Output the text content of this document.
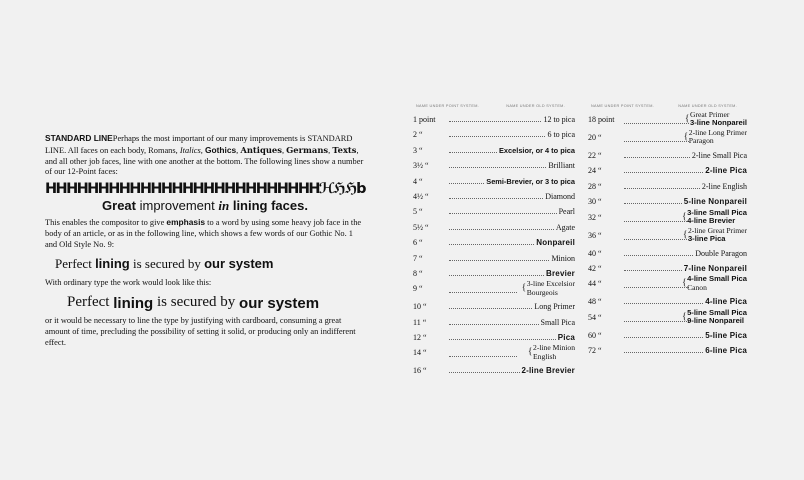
STANDARD LINEPerhaps the most important of our many improvements is STANDARD LINE. All faces on each body, Romans, Italics, Gothics, Antiques, Germans, Texts, and all other job faces, line with one another at the bottom. The following lines show a number of our 12-Point faces:

HHHHHHHHHHHHHHHHHHHHHHHHHHℋℌℌb
Great improvement in lining faces.

This enables the compositor to give emphasis to a word by using some heavy job face in the body of an article, or as in the following line, which shows a few words of our Gothic No. 1 and Old Style No. 9:

Perfect lining is secured by our system

With ordinary type the work would look like this:

Perfect lining is secured by our system

or it would be necessary to line the type by justifying with cardboard, consuming a great amount of time, precluding the possibility of setting it solid, or producing only an indifferent effect.

NAME UNDER POINT SYSTEM.	NAME UNDER OLD SYSTEM.
1 point	12 to pica
2 “	6 to pica
3 “	Excelsior, or 4 to pica
3½ “	Brilliant
4 “	Semi-Brevier, or 3 to pica
4½ “	Diamond
5 “	Pearl
5½ “	Agate
6 “	Nonpareil
7 “	Minion
8 “	Brevier
9 “	{ 3-line Excelsior
Bourgeois
10 “	Long Primer
11 “	Small Pica
12 “	Pica
14 “	{ 2-line Minion
English
16 “	2-line Brevier
NAME UNDER POINT SYSTEM.	NAME UNDER OLD SYSTEM.
18 point	{ Great Primer
3-line Nonpareil
20 “	{ 2-line Long Primer
Paragon
22 “	2-line Small Pica
24 “	2-line Pica
28 “	2-line English
30 “	5-line Nonpareil
32 “	{ 3-line Small Pica
4-line Brevier
36 “	{ 2-line Great Primer
3-line Pica
40 “	Double Paragon
42 “	7-line Nonpareil
44 “	{ 4-line Small Pica
Canon
48 “	4-line Pica
54 “	{ 5-line Small Pica
9-line Nonpareil
60 “	5-line Pica
72 “	6-line Pica
